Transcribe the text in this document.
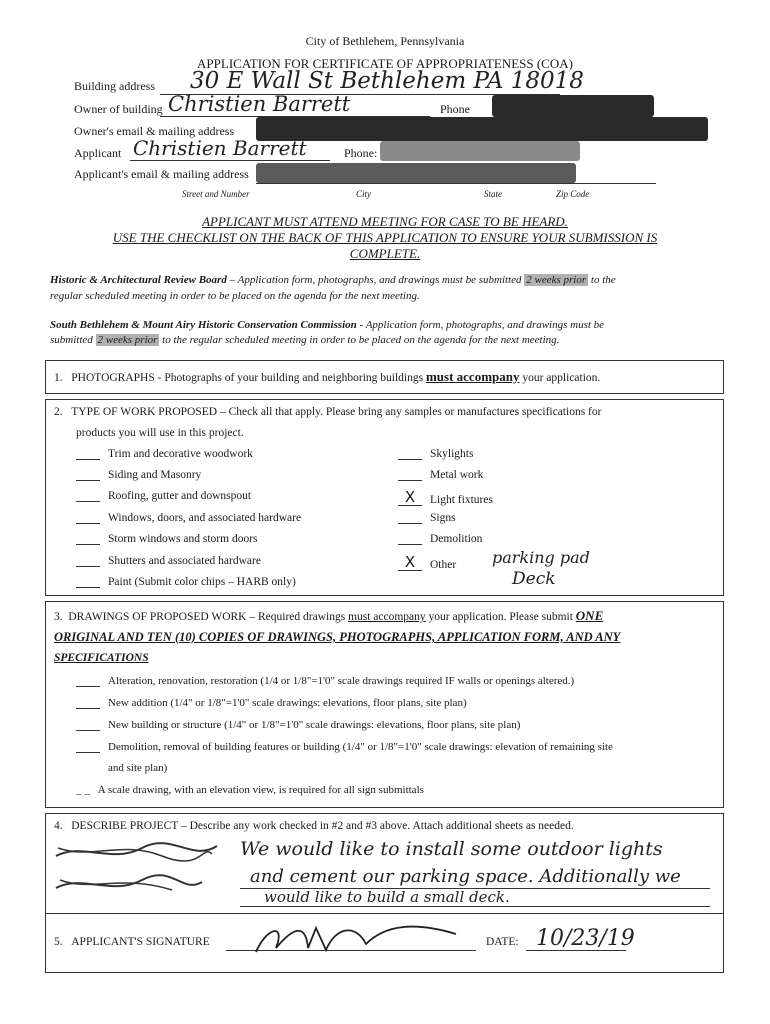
City of Bethlehem, Pennsylvania
APPLICATION FOR CERTIFICATE OF APPROPRIATENESS (COA)
Building address 30 E Wall St Bethlehem PA 18018
Owner of building Christien Barrett	Phone
Owner's email & mailing address
Applicant Christien Barrett	Phone:
Applicant's email & mailing address
Street and Number	City	State	Zip Code
APPLICANT MUST ATTEND MEETING FOR CASE TO BE HEARD.
USE THE CHECKLIST ON THE BACK OF THIS APPLICATION TO ENSURE YOUR SUBMISSION IS
COMPLETE.
Historic & Architectural Review Board – Application form, photographs, and drawings must be submitted 2 weeks prior to the
regular scheduled meeting in order to be placed on the agenda for the next meeting.
South Bethlehem & Mount Airy Historic Conservation Commission - Application form, photographs, and drawings must be
submitted 2 weeks prior to the regular scheduled meeting in order to be placed on the agenda for the next meeting.
1. PHOTOGRAPHS - Photographs of your building and neighboring buildings must accompany your application.
2. TYPE OF WORK PROPOSED – Check all that apply. Please bring any samples or manufactures specifications for
products you will use in this project.
Trim and decorative woodwork
Siding and Masonry
Roofing, gutter and downspout
Windows, doors, and associated hardware
Storm windows and storm doors
Shutters and associated hardware
Paint (Submit color chips – HARB only)
Skylights
Metal work
X Light fixtures
Signs
Demolition
X Other parking pad
Deck
3. DRAWINGS OF PROPOSED WORK – Required drawings must accompany your application. Please submit ONE
ORIGINAL AND TEN (10) COPIES OF DRAWINGS, PHOTOGRAPHS, APPLICATION FORM, AND ANY
SPECIFICATIONS
Alteration, renovation, restoration (1/4 or 1/8"=1'0" scale drawings required IF walls or openings altered.)
New addition (1/4" or 1/8"=1'0" scale drawings: elevations, floor plans, site plan)
New building or structure (1/4" or 1/8"=1'0" scale drawings: elevations, floor plans, site plan)
Demolition, removal of building features or building (1/4" or 1/8"=1'0" scale drawings: elevation of remaining site
and site plan)
_ _ A scale drawing, with an elevation view, is required for all sign submittals
4. DESCRIBE PROJECT – Describe any work checked in #2 and #3 above. Attach additional sheets as needed.
We would like to install some outdoor lights
and cement our parking space. Additionally we
would like to build a small deck.
5. APPLICANT'S SIGNATURE	DATE: 10/23/19
